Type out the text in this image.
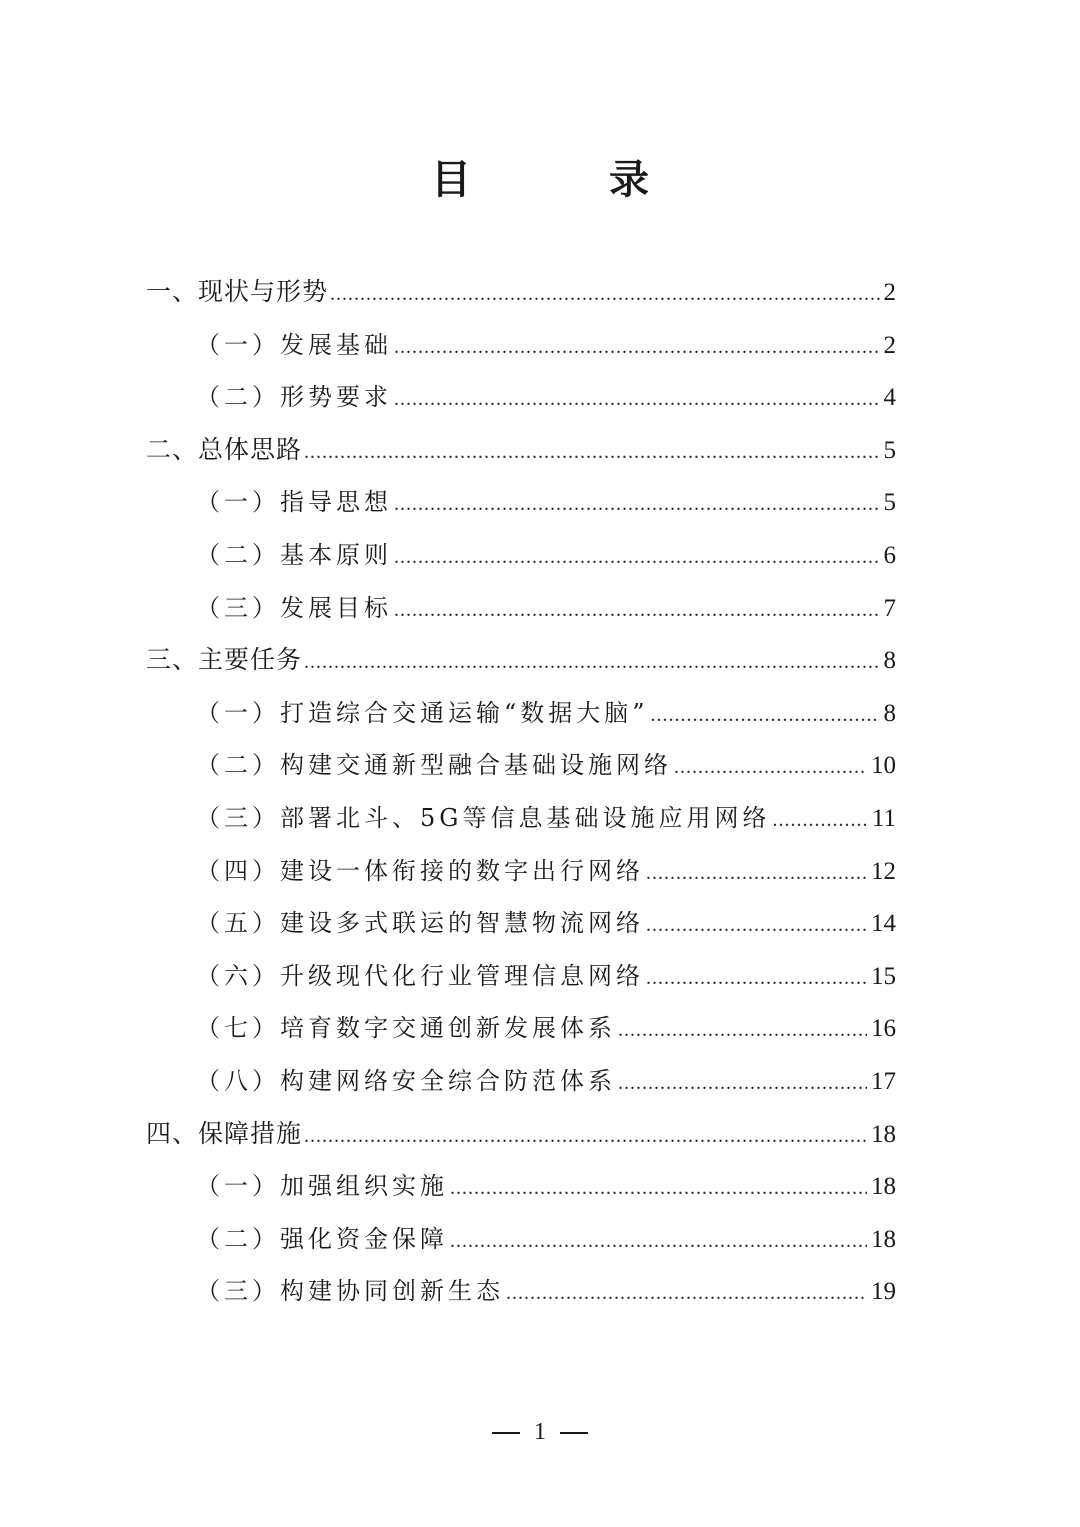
目 录
一、现状与形势 .....	2
（一）发展基础 .....	2
（二）形势要求 .....	4
二、总体思路 .....	5
（一）指导思想 .....	5
（二）基本原则 .....	6
（三）发展目标 .....	7
三、主要任务 .....	8
（一）打造综合交通运输“数据大脑” .....	8
（二）构建交通新型融合基础设施网络 .....	10
（三）部署北斗、5G等信息基础设施应用网络 .....	11
（四）建设一体衔接的数字出行网络 .....	12
（五）建设多式联运的智慧物流网络 .....	14
（六）升级现代化行业管理信息网络 .....	15
（七）培育数字交通创新发展体系 .....	16
（八）构建网络安全综合防范体系 .....	17
四、保障措施 .....	18
（一）加强组织实施 .....	18
（二）强化资金保障 .....	18
（三）构建协同创新生态 .....	19
1
